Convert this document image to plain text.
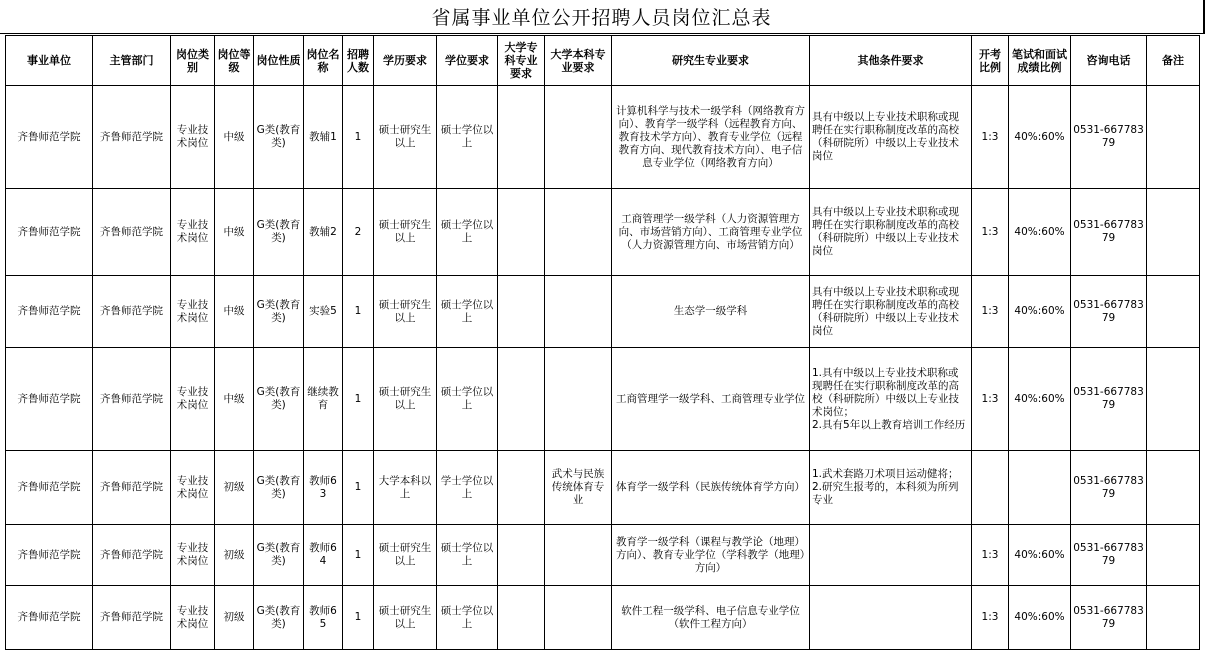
省属事业单位公开招聘人员岗位汇总表
事业单位	主管部门	岗位类别	岗位等级	岗位性质	岗位名称	招聘人数	学历要求	学位要求	大学专科专业要求	大学本科专业要求	研究生专业要求	其他条件要求	开考比例	笔试和面试成绩比例	咨询电话	备注
齐鲁师范学院	齐鲁师范学院	专业技术岗位	中级	G类(教育类)	教辅1	1	硕士研究生以上	硕士学位以上			计算机科学与技术一级学科（网络教育方向）、教育学一级学科（远程教育方向、教育技术学方向）、教育专业学位（远程教育方向、现代教育技术方向）、电子信息专业学位（网络教育方向）	具有中级以上专业技术职称或现聘任在实行职称制度改革的高校（科研院所）中级以上专业技术岗位	1:3	40%:60%	0531-66778379	
齐鲁师范学院	齐鲁师范学院	专业技术岗位	中级	G类(教育类)	教辅2	2	硕士研究生以上	硕士学位以上			工商管理学一级学科（人力资源管理方向、市场营销方向）、工商管理专业学位（人力资源管理方向、市场营销方向）	具有中级以上专业技术职称或现聘任在实行职称制度改革的高校（科研院所）中级以上专业技术岗位	1:3	40%:60%	0531-66778379	
齐鲁师范学院	齐鲁师范学院	专业技术岗位	中级	G类(教育类)	实验5	1	硕士研究生以上	硕士学位以上			生态学一级学科	具有中级以上专业技术职称或现聘任在实行职称制度改革的高校（科研院所）中级以上专业技术岗位	1:3	40%:60%	0531-66778379	
齐鲁师范学院	齐鲁师范学院	专业技术岗位	中级	G类(教育类)	继续教育	1	硕士研究生以上	硕士学位以上			工商管理学一级学科、工商管理专业学位	1.具有中级以上专业技术职称或现聘任在实行职称制度改革的高校（科研院所）中级以上专业技术岗位；
2.具有5年以上教育培训工作经历	1:3	40%:60%	0531-66778379	
齐鲁师范学院	齐鲁师范学院	专业技术岗位	初级	G类(教育类)	教师63	1	大学本科以上	学士学位以上		武术与民族传统体育专业	体育学一级学科（民族传统体育学方向）	1.武术套路刀术项目运动健将；
2.研究生报考的，本科须为所列专业			0531-66778379	
齐鲁师范学院	齐鲁师范学院	专业技术岗位	初级	G类(教育类)	教师64	1	硕士研究生以上	硕士学位以上			教育学一级学科（课程与教学论（地理）方向）、教育专业学位（学科教学（地理）方向）		1:3	40%:60%	0531-66778379	
齐鲁师范学院	齐鲁师范学院	专业技术岗位	初级	G类(教育类)	教师65	1	硕士研究生以上	硕士学位以上			软件工程一级学科、电子信息专业学位（软件工程方向）		1:3	40%:60%	0531-66778379	
